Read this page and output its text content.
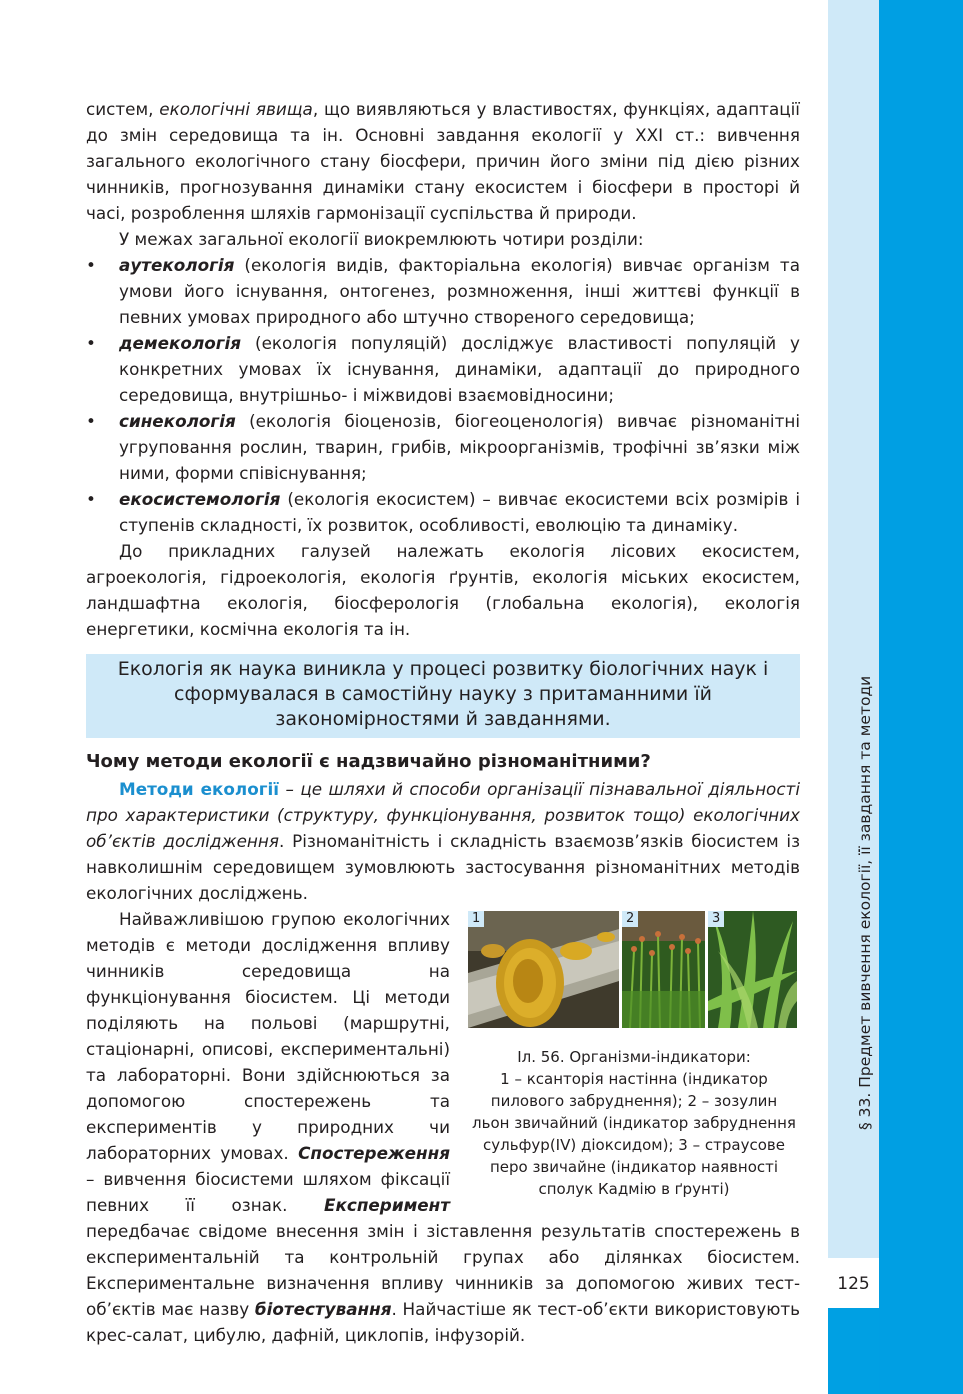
125
§ 33. Предмет вивчення екології, її завдання та методи

систем, екологічні явища, що виявляються у властивостях, функціях, адаптації до змін середовища та ін. Основні завдання екології у XXI ст.: вивчення загального екологічного стану біосфери, причин його зміни під дією різних чинників, прогнозування динаміки стану екосистем і біосфери в просторі й часі, розроблення шляхів гармонізації суспільства й природи.

У межах загальної екології виокремлюють чотири розділи:

• аутекологія (екологія видів, факторіальна екологія) вивчає організм та умови його існування, онтогенез, розмноження, інші життєві функції в певних умовах природного або штучно створеного середовища;
• демекологія (екологія популяцій) досліджує властивості популяцій у конкретних умовах їх існування, динаміки, адаптації до природного середовища, внутрішньо- і міжвидові взаємовідносини;
• синекологія (екологія біоценозів, біогеоценологія) вивчає різноманітні угруповання рослин, тварин, грибів, мікроорганізмів, трофічні зв’язки між ними, форми співіснування;
• екосистемологія (екологія екосистем) – вивчає екосистеми всіх розмірів і ступенів складності, їх розвиток, особливості, еволюцію та динаміку.

До прикладних галузей належать екологія лісових екосистем, агроекологія, гідроекологія, екологія ґрунтів, екологія міських екосистем, ландшафтна екологія, біосферологія (глобальна екологія), екологія енергетики, космічна екологія та ін.

Екологія як наука виникла у процесі розвитку біологічних наук і сформувалася в самостійну науку з притаманними їй закономірностями й завданнями.
Чому методи екології є надзвичайно різноманітними?

Методи екології – це шляхи й способи організації пізнавальної діяльності про характеристики (структуру, функціонування, розвиток тощо) екологічних об’єктів дослідження. Різноманітність і складність взаємозв’язків біосистем із навколишнім середовищем зумовлюють застосування різноманітних методів екологічних досліджень.

1	2	3
Іл. 56. Організми-індикатори:
1 – ксанторія настінна (індикатор пилового забруднення); 2 – зозулин льон звичайний (індикатор забруднення сульфур(IV) діоксидом); 3 – страусове перо звичайне (індикатор наявності сполук Кадмію в ґрунті)

Найважливішою групою екологічних методів є методи дослідження впливу чинників середовища на функціонування біосистем. Ці методи поділяють на польові (маршрутні, стаціонарні, описові, експериментальні) та лабораторні. Вони здійснюються за допомогою спостережень та експериментів у природних чи лабораторних умовах. Спостереження – вивчення біосистеми шляхом фіксації певних її ознак. Експеримент передбачає свідоме внесення змін і зіставлення результатів спостережень в експериментальній та контрольній групах або ділянках біосистем. Експериментальне визначення впливу чинників за допомогою живих тест-об’єктів має назву біотестування. Найчастіше як тест-об’єкти використовують крес-салат, цибулю, дафній, циклопів, інфузорій.
